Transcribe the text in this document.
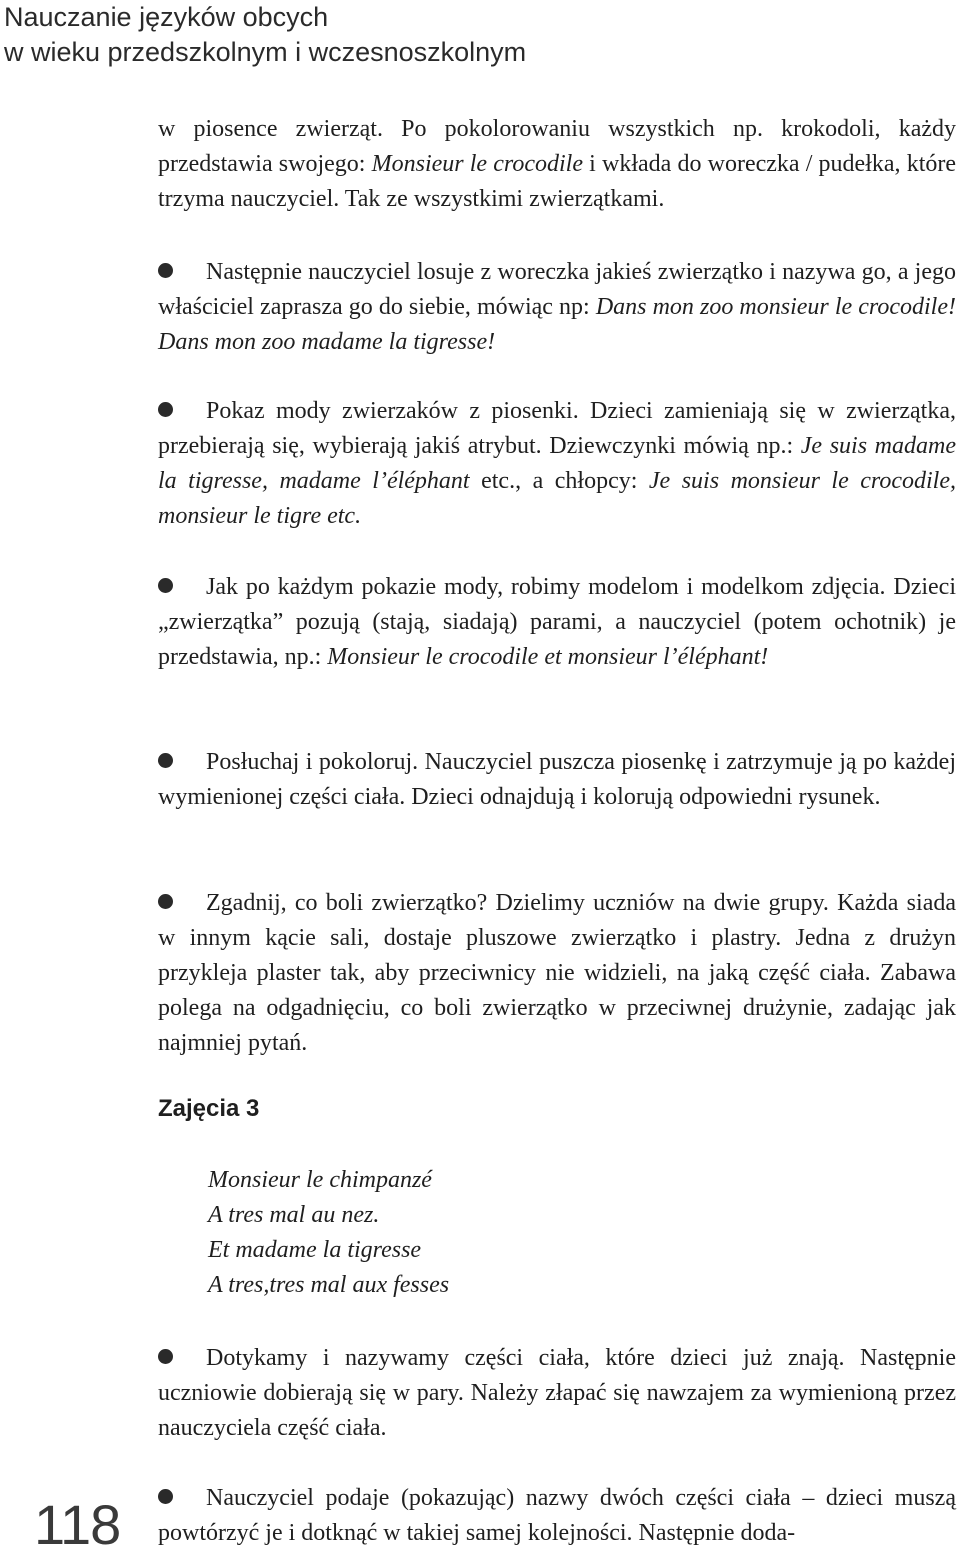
Nauczanie języków obcych
w wieku przedszkolnym i wczesnoszkolnym

w piosence zwierząt. Po pokolorowaniu wszystkich np. krokodoli, każdy przedstawia swojego: Monsieur le crocodile i wkłada do woreczka / pudełka, które trzyma nauczyciel. Tak ze wszystkimi zwierzątkami.

Następnie nauczyciel losuje z woreczka jakieś zwierzątko i nazywa go, a jego właściciel zaprasza go do siebie, mówiąc np: Dans mon zoo monsieur le crocodile! Dans mon zoo madame la tigresse!

Pokaz mody zwierzaków z piosenki. Dzieci zamieniają się w zwierzątka, przebierają się, wybierają jakiś atrybut. Dziewczynki mówią np.: Je suis madame la tigresse, madame l’éléphant etc., a chłopcy: Je suis monsieur le crocodile, monsieur le tigre etc.

Jak po każdym pokazie mody, robimy modelom i modelkom zdjęcia. Dzieci „zwierzątka” pozują (stają, siadają) parami, a nauczyciel (potem ochotnik) je przedstawia, np.: Monsieur le crocodile et monsieur l’éléphant!

Posłuchaj i pokoloruj. Nauczyciel puszcza piosenkę i zatrzymuje ją po każdej wymienionej części ciała. Dzieci odnajdują i kolorują odpowiedni rysunek.

Zgadnij, co boli zwierzątko? Dzielimy uczniów na dwie grupy. Każda siada w innym kącie sali, dostaje pluszowe zwierzątko i plastry. Jedna z drużyn przykleja plaster tak, aby przeciwnicy nie widzieli, na jaką część ciała. Zabawa polega na odgadnięciu, co boli zwierzątko w przeciwnej drużynie, zadając jak najmniej pytań.

Zajęcia 3
Monsieur le chimpanzé
A tres mal au nez.
Et madame la tigresse
A tres,tres mal aux fesses

Dotykamy i nazywamy części ciała, które dzieci już znają. Następnie uczniowie dobierają się w pary. Należy złapać się nawzajem za wymienioną przez nauczyciela część ciała.

Nauczyciel podaje (pokazując) nazwy dwóch części ciała – dzieci muszą powtórzyć je i dotknąć w takiej samej kolejności. Następnie doda-

118
